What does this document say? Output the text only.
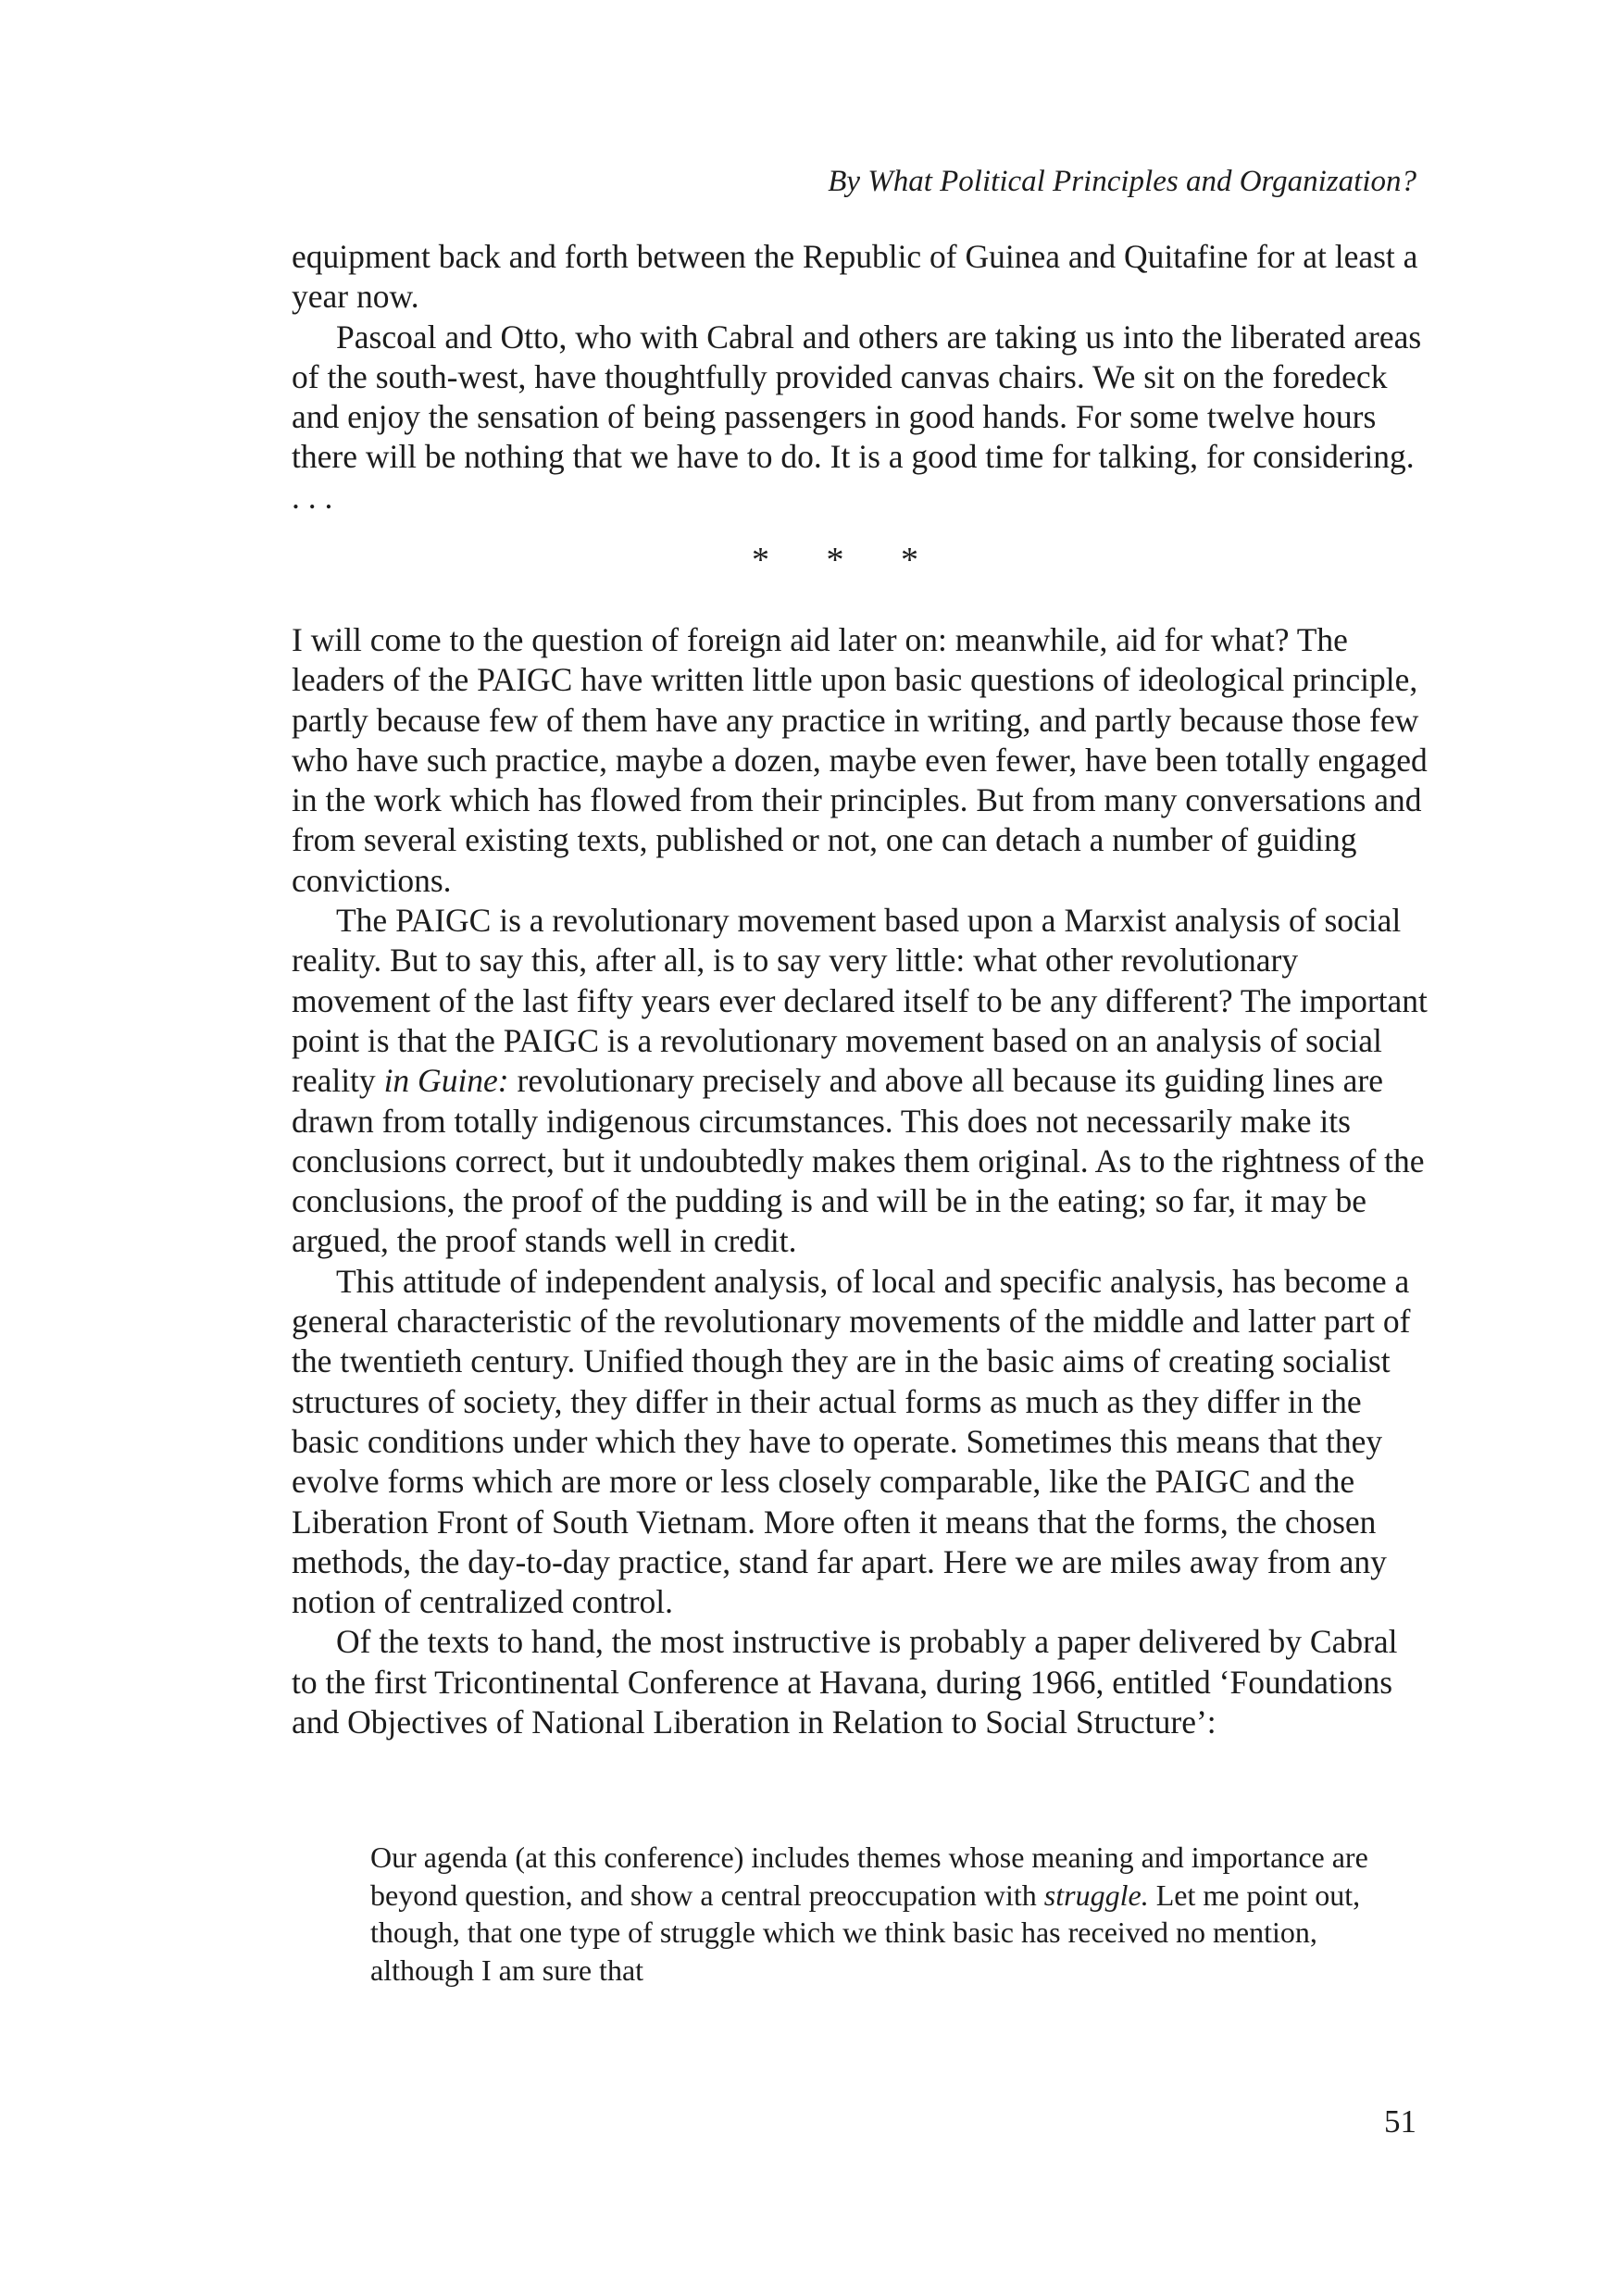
By What Political Principles and Organization?

equipment back and forth between the Republic of Guinea and Quitafine for at least a year now.

Pascoal and Otto, who with Cabral and others are taking us into the liberated areas of the south-west, have thoughtfully provided canvas chairs. We sit on the foredeck and enjoy the sensation of being passengers in good hands. For some twelve hours there will be nothing that we have to do. It is a good time for talking, for considering. . . .

* * *

I will come to the question of foreign aid later on: meanwhile, aid for what? The leaders of the PAIGC have written little upon basic questions of ideological principle, partly because few of them have any practice in writing, and partly because those few who have such practice, maybe a dozen, maybe even fewer, have been totally engaged in the work which has flowed from their principles. But from many conversations and from several existing texts, published or not, one can detach a number of guiding convictions.

The PAIGC is a revolutionary movement based upon a Marxist analysis of social reality. But to say this, after all, is to say very little: what other revolutionary movement of the last fifty years ever declared itself to be any different? The important point is that the PAIGC is a revolutionary movement based on an analysis of social reality in Guine: revolutionary precisely and above all because its guiding lines are drawn from totally indigenous circumstances. This does not necessarily make its conclusions correct, but it undoubtedly makes them original. As to the rightness of the conclusions, the proof of the pudding is and will be in the eating; so far, it may be argued, the proof stands well in credit.

This attitude of independent analysis, of local and specific analysis, has become a general characteristic of the revolutionary movements of the middle and latter part of the twentieth century. Unified though they are in the basic aims of creating socialist structures of society, they differ in their actual forms as much as they differ in the basic conditions under which they have to operate. Sometimes this means that they evolve forms which are more or less closely comparable, like the PAIGC and the Liberation Front of South Vietnam. More often it means that the forms, the chosen methods, the day-to-day practice, stand far apart. Here we are miles away from any notion of centralized control.

Of the texts to hand, the most instructive is probably a paper delivered by Cabral to the first Tricontinental Conference at Havana, during 1966, entitled ‘Foundations and Objectives of National Liberation in Relation to Social Structure’:

Our agenda (at this conference) includes themes whose meaning and importance are beyond question, and show a central preoccupation with struggle. Let me point out, though, that one type of struggle which we think basic has received no mention, although I am sure that

51
